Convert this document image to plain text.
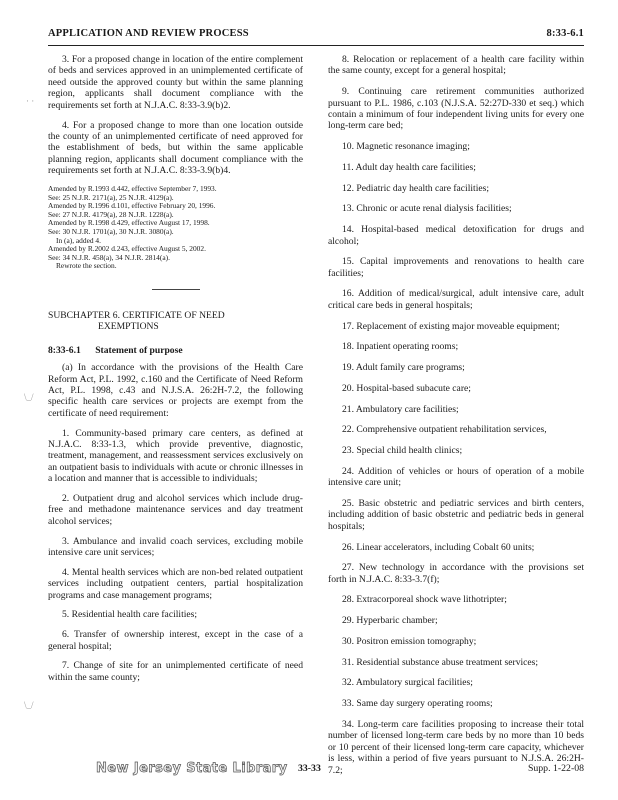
APPLICATION AND REVIEW PROCESS	8:33-6.1
· ·
\_/
\_/

3. For a proposed change in location of the entire complement of beds and services approved in an unimplemented certificate of need outside the approved county but within the same planning region, applicants shall document compliance with the requirements set forth at N.J.A.C. 8:33-3.9(b)2.

4. For a proposed change to more than one location outside the county of an unimplemented certificate of need approved for the establishment of beds, but within the same applicable planning region, applicants shall document compliance with the requirements set forth at N.J.A.C. 8:33-3.9(b)4.

Amended by R.1993 d.442, effective September 7, 1993.

See: 25 N.J.R. 2171(a), 25 N.J.R. 4129(a).

Amended by R.1996 d.101, effective February 20, 1996.

See: 27 N.J.R. 4179(a), 28 N.J.R. 1228(a).

Amended by R.1998 d.429, effective August 17, 1998.

See: 30 N.J.R. 1701(a), 30 N.J.R. 3080(a).

In (a), added 4.

Amended by R.2002 d.243, effective August 5, 2002.

See: 34 N.J.R. 458(a), 34 N.J.R. 2814(a).

Rewrote the section.

SUBCHAPTER 6. CERTIFICATE OF NEED
EXEMPTIONS

8:33-6.1 Statement of purpose

(a) In accordance with the provisions of the Health Care Reform Act, P.L. 1992, c.160 and the Certificate of Need Reform Act, P.L. 1998, c.43 and N.J.S.A. 26:2H-7.2, the following specific health care services or projects are exempt from the certificate of need requirement:

1. Community-based primary care centers, as defined at N.J.A.C. 8:33-1.3, which provide preventive, diagnostic, treatment, management, and reassessment services exclusively on an outpatient basis to individuals with acute or chronic illnesses in a location and manner that is accessible to individuals;

2. Outpatient drug and alcohol services which include drug-free and methadone maintenance services and day treatment alcohol services;

3. Ambulance and invalid coach services, excluding mobile intensive care unit services;

4. Mental health services which are non-bed related outpatient services including outpatient centers, partial hospitalization programs and case management programs;

5. Residential health care facilities;

6. Transfer of ownership interest, except in the case of a general hospital;

7. Change of site for an unimplemented certificate of need within the same county;

8. Relocation or replacement of a health care facility within the same county, except for a general hospital;

9. Continuing care retirement communities authorized pursuant to P.L. 1986, c.103 (N.J.S.A. 52:27D-330 et seq.) which contain a minimum of four independent living units for every one long-term care bed;

10. Magnetic resonance imaging;

11. Adult day health care facilities;

12. Pediatric day health care facilities;

13. Chronic or acute renal dialysis facilities;

14. Hospital-based medical detoxification for drugs and alcohol;

15. Capital improvements and renovations to health care facilities;

16. Addition of medical/surgical, adult intensive care, adult critical care beds in general hospitals;

17. Replacement of existing major moveable equipment;

18. Inpatient operating rooms;

19. Adult family care programs;

20. Hospital-based subacute care;

21. Ambulatory care facilities;

22. Comprehensive outpatient rehabilitation services,

23. Special child health clinics;

24. Addition of vehicles or hours of operation of a mobile intensive care unit;

25. Basic obstetric and pediatric services and birth centers, including addition of basic obstetric and pediatric beds in general hospitals;

26. Linear accelerators, including Cobalt 60 units;

27. New technology in accordance with the provisions set forth in N.J.A.C. 8:33-3.7(f);

28. Extracorporeal shock wave lithotripter;

29. Hyperbaric chamber;

30. Positron emission tomography;

31. Residential substance abuse treatment services;

32. Ambulatory surgical facilities;

33. Same day surgery operating rooms;

34. Long-term care facilities proposing to increase their total number of licensed long-term care beds by no more than 10 beds or 10 percent of their licensed long-term care capacity, whichever is less, within a period of five years pursuant to N.J.S.A. 26:2H-7.2;

New Jersey State Library 33-33	Supp. 1-22-08
